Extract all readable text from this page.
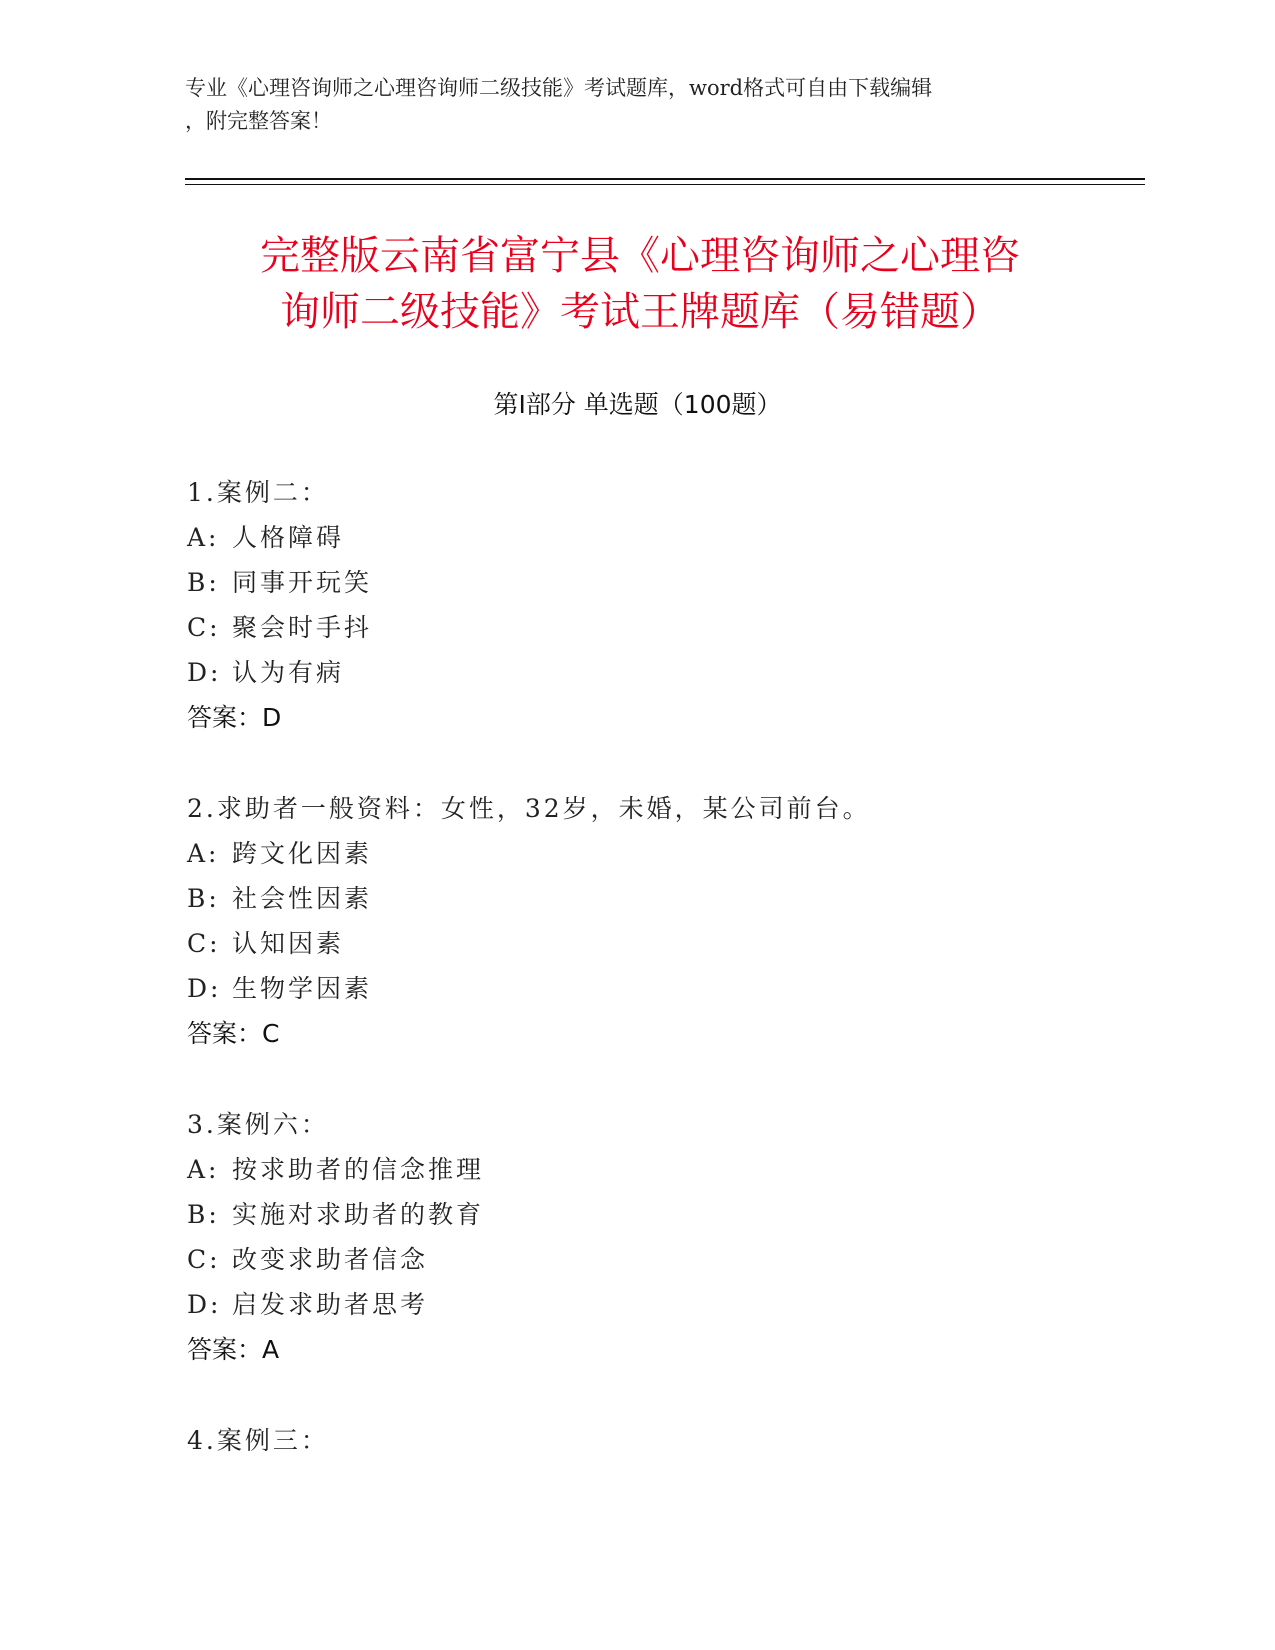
专业《心理咨询师之心理咨询师二级技能》考试题库，word格式可自由下载编辑
，附完整答案！
完整版云南省富宁县《心理咨询师之心理咨
询师二级技能》考试王牌题库（易错题）
第Ⅰ部分 单选题（100题）
1.案例二：
A: 人格障碍
B: 同事开玩笑
C: 聚会时手抖
D: 认为有病
答案：D
2.求助者一般资料：女性，32岁，未婚，某公司前台。
A: 跨文化因素
B: 社会性因素
C: 认知因素
D: 生物学因素
答案：C
3.案例六：
A: 按求助者的信念推理
B: 实施对求助者的教育
C: 改变求助者信念
D: 启发求助者思考
答案：A
4.案例三：
